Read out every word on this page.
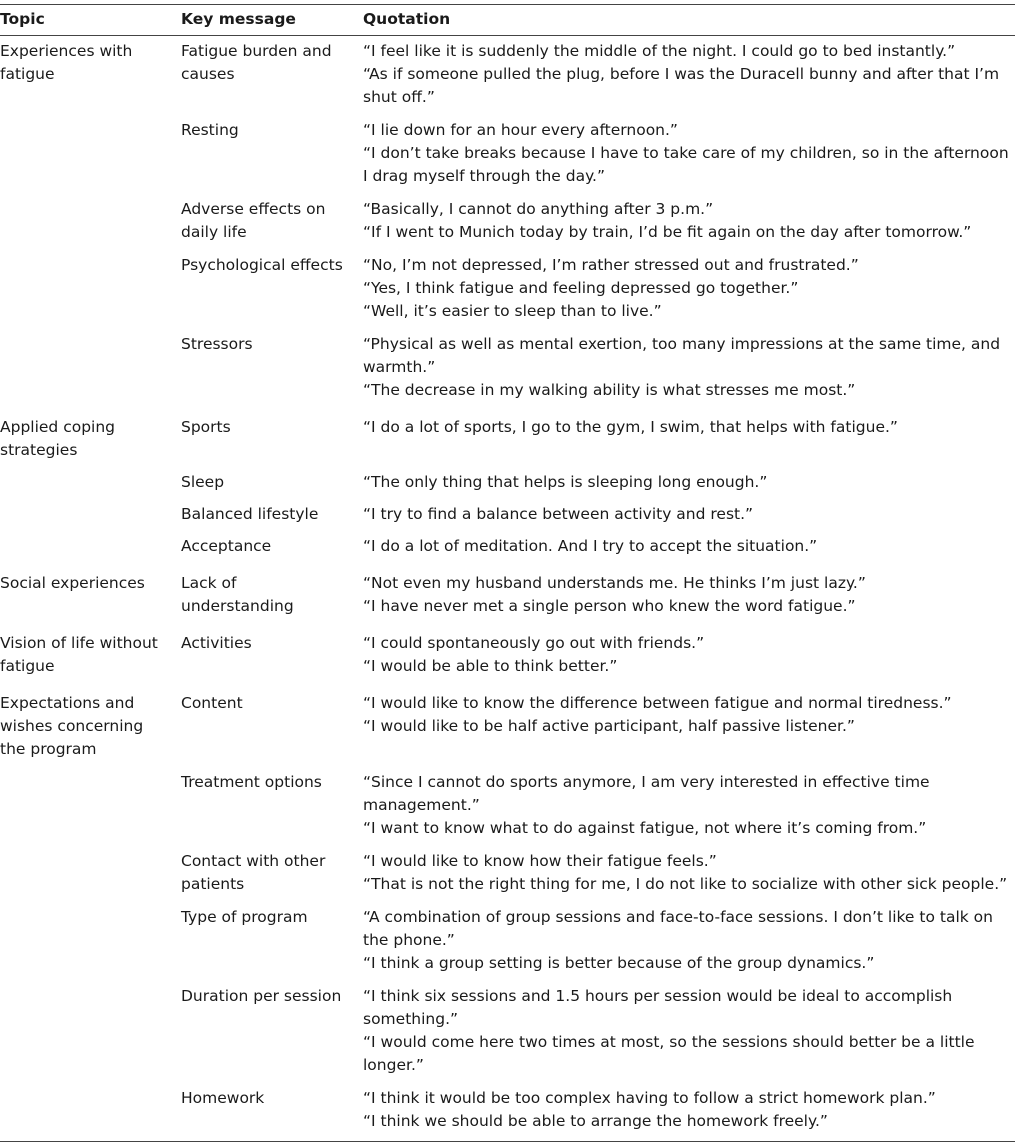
Topic	Key message	Quotation
Experiences with fatigue	Fatigue burden and causes	“I feel like it is suddenly the middle of the night. I could go to bed instantly.”
“As if someone pulled the plug, before I was the Duracell bunny and after that I’m shut off.”

	Resting	“I lie down for an hour every afternoon.”
“I don’t take breaks because I have to take care of my children, so in the afternoon I drag myself through the day.”

	Adverse effects on daily life	“Basically, I cannot do anything after 3 p.m.”
“If I went to Munich today by train, I’d be fit again on the day after tomorrow.”

	Psychological effects	“No, I’m not depressed, I’m rather stressed out and frustrated.”
“Yes, I think fatigue and feeling depressed go together.”
“Well, it’s easier to sleep than to live.”

	Stressors	“Physical as well as mental exertion, too many impressions at the same time, and warmth.”
“The decrease in my walking ability is what stresses me most.”

Applied coping strategies	Sports	“I do a lot of sports, I go to the gym, I swim, that helps with fatigue.”

	Sleep	“The only thing that helps is sleeping long enough.”

	Balanced lifestyle	“I try to find a balance between activity and rest.”

	Acceptance	“I do a lot of meditation. And I try to accept the situation.”

Social experiences	Lack of understanding	“Not even my husband understands me. He thinks I’m just lazy.”
“I have never met a single person who knew the word fatigue.”

Vision of life without fatigue	Activities	“I could spontaneously go out with friends.”
“I would be able to think better.”

Expectations and wishes concerning the program	Content	“I would like to know the difference between fatigue and normal tiredness.”
“I would like to be half active participant, half passive listener.”

	Treatment options	“Since I cannot do sports anymore, I am very interested in effective time management.”
“I want to know what to do against fatigue, not where it’s coming from.”

	Contact with other patients	“I would like to know how their fatigue feels.”
“That is not the right thing for me, I do not like to socialize with other sick people.”

	Type of program	“A combination of group sessions and face-to-face sessions. I don’t like to talk on the phone.”
“I think a group setting is better because of the group dynamics.”

	Duration per session	“I think six sessions and 1.5 hours per session would be ideal to accomplish something.”
“I would come here two times at most, so the sessions should better be a little longer.”

	Homework	“I think it would be too complex having to follow a strict homework plan.”
“I think we should be able to arrange the homework freely.”
